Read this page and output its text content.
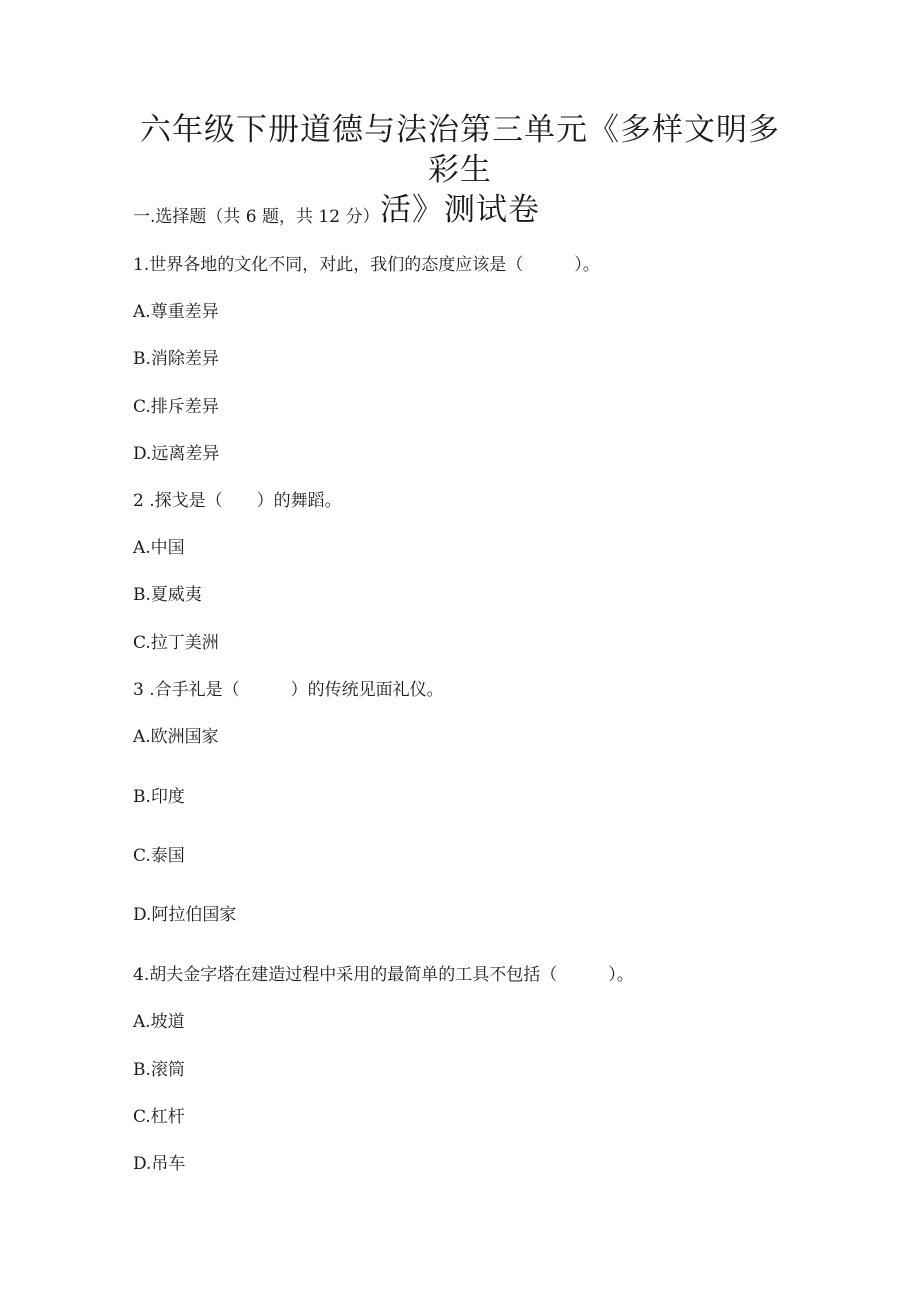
六年级下册道德与法治第三单元《多样文明多彩生
活》测试卷
一.选择题（共 6 题，共 12 分）
1.世界各地的文化不同，对此，我们的态度应该是（　　　）。
A.尊重差异
B.消除差异
C.排斥差异
D.远离差异
2 .探戈是（　　）的舞蹈。
A.中国
B.夏威夷
C.拉丁美洲
3 .合手礼是（　　　）的传统见面礼仪。
A.欧洲国家
B.印度
C.泰国
D.阿拉伯国家
4.胡夫金字塔在建造过程中采用的最简单的工具不包括（　　　）。
A.坡道
B.滚筒
C.杠杆
D.吊车
